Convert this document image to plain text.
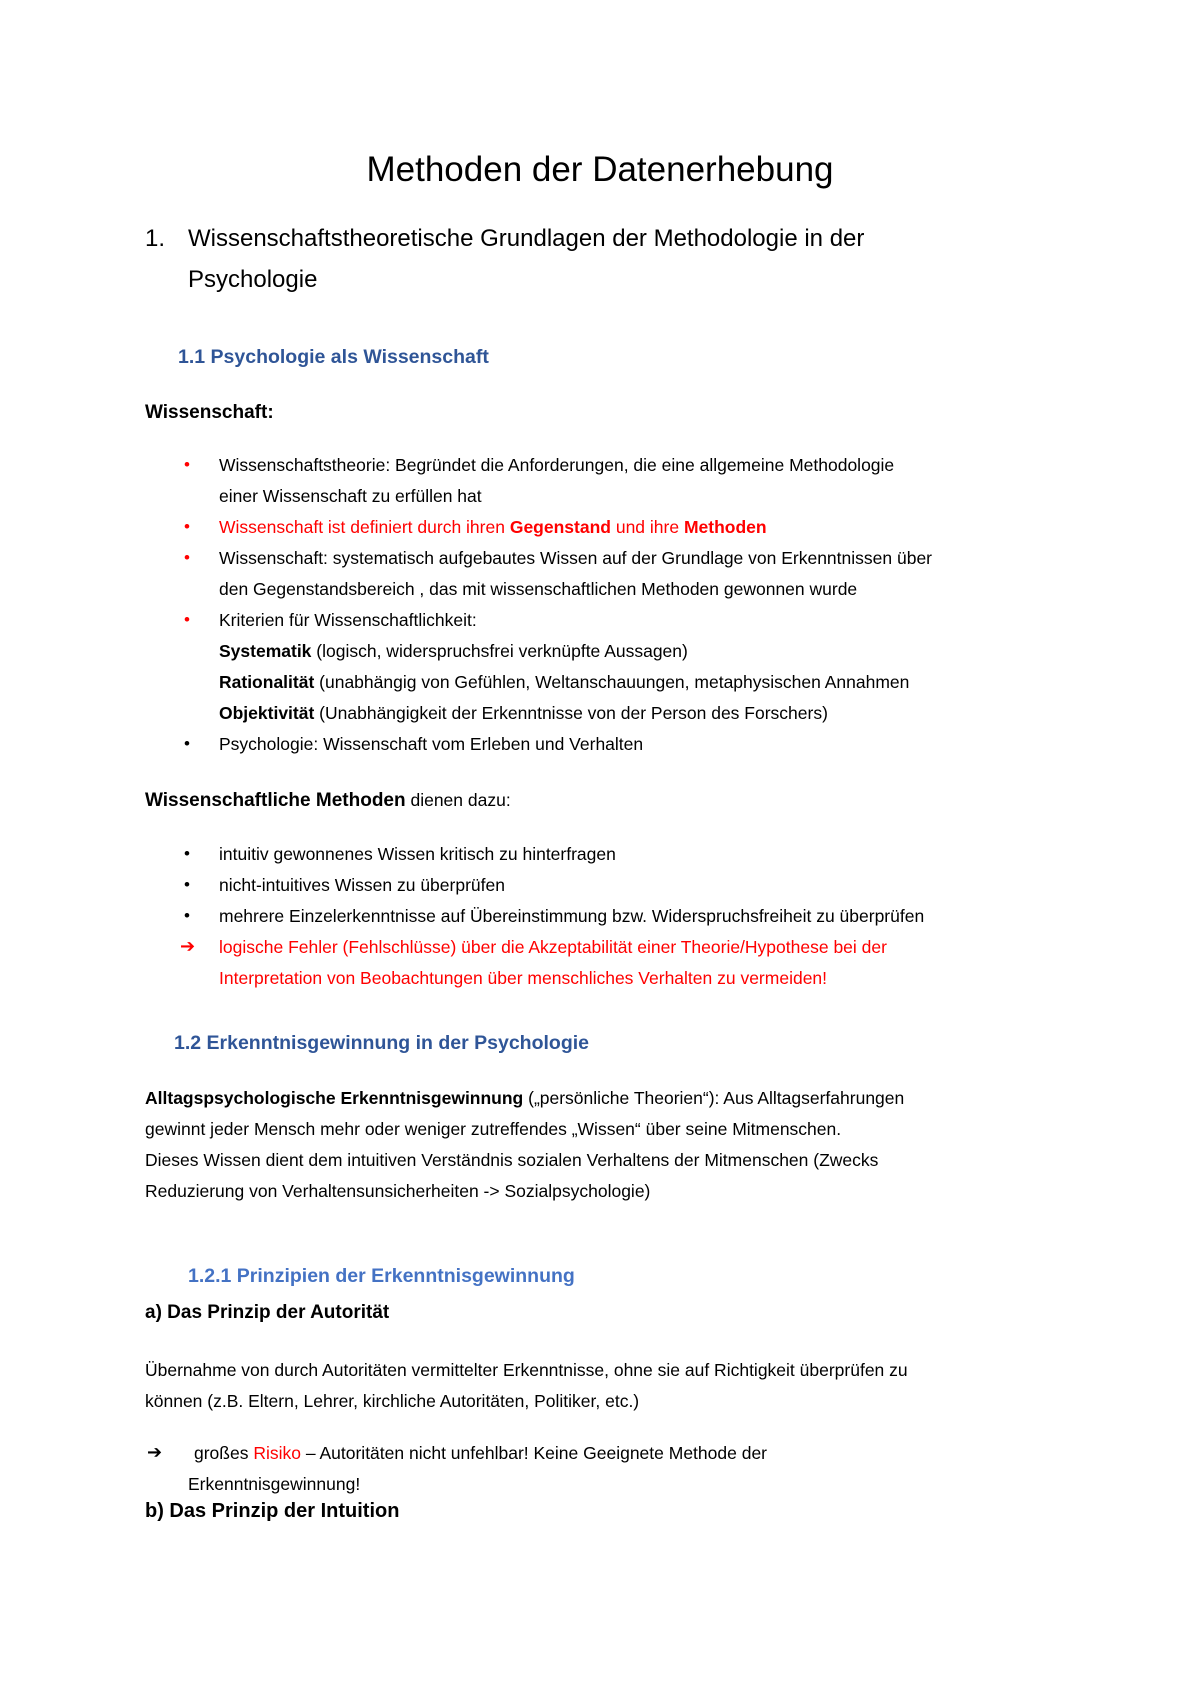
Methoden der Datenerhebung
1. Wissenschaftstheoretische Grundlagen der Methodologie in der
Psychologie
1.1 Psychologie als Wissenschaft
Wissenschaft:
• Wissenschaftstheorie: Begründet die Anforderungen, die eine allgemeine Methodologie
einer Wissenschaft zu erfüllen hat
• Wissenschaft ist definiert durch ihren Gegenstand und ihre Methoden
• Wissenschaft: systematisch aufgebautes Wissen auf der Grundlage von Erkenntnissen über
den Gegenstandsbereich , das mit wissenschaftlichen Methoden gewonnen wurde
• Kriterien für Wissenschaftlichkeit:
Systematik (logisch, widerspruchsfrei verknüpfte Aussagen)
Rationalität (unabhängig von Gefühlen, Weltanschauungen, metaphysischen Annahmen
Objektivität (Unabhängigkeit der Erkenntnisse von der Person des Forschers)
• Psychologie: Wissenschaft vom Erleben und Verhalten
Wissenschaftliche Methoden dienen dazu:
• intuitiv gewonnenes Wissen kritisch zu hinterfragen
• nicht-intuitives Wissen zu überprüfen
• mehrere Einzelerkenntnisse auf Übereinstimmung bzw. Widerspruchsfreiheit zu überprüfen
➔ logische Fehler (Fehlschlüsse) über die Akzeptabilität einer Theorie/Hypothese bei der
Interpretation von Beobachtungen über menschliches Verhalten zu vermeiden!
1.2 Erkenntnisgewinnung in der Psychologie
Alltagspsychologische Erkenntnisgewinnung („persönliche Theorien“): Aus Alltagserfahrungen
gewinnt jeder Mensch mehr oder weniger zutreffendes „Wissen“ über seine Mitmenschen.
Dieses Wissen dient dem intuitiven Verständnis sozialen Verhaltens der Mitmenschen (Zwecks
Reduzierung von Verhaltensunsicherheiten -> Sozialpsychologie)
1.2.1 Prinzipien der Erkenntnisgewinnung
a) Das Prinzip der Autorität
Übernahme von durch Autoritäten vermittelter Erkenntnisse, ohne sie auf Richtigkeit überprüfen zu
können (z.B. Eltern, Lehrer, kirchliche Autoritäten, Politiker, etc.)
➔ großes Risiko – Autoritäten nicht unfehlbar! Keine Geeignete Methode der
Erkenntnisgewinnung!
b) Das Prinzip der Intuition
